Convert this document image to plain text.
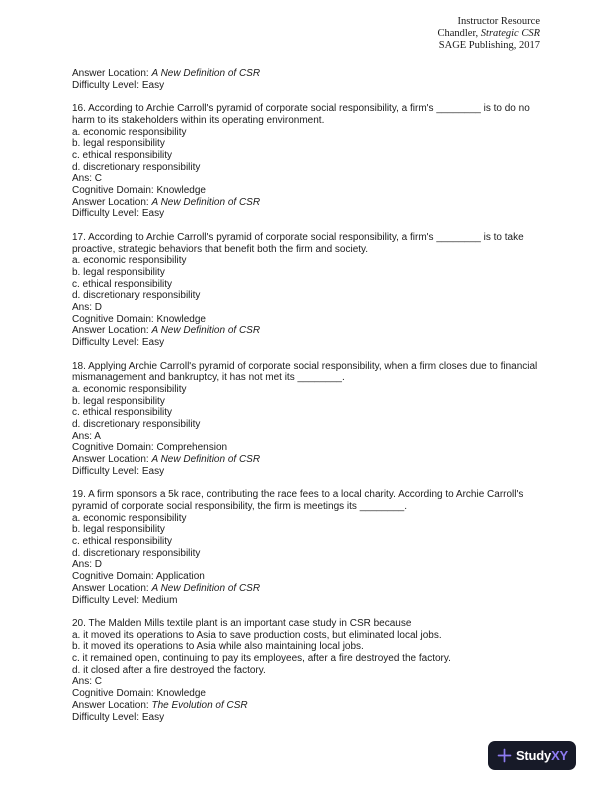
Instructor Resource
Chandler, Strategic CSR
SAGE Publishing, 2017
Answer Location: A New Definition of CSR
Difficulty Level: Easy
16. According to Archie Carroll's pyramid of corporate social responsibility, a firm's ________ is to do no harm to its stakeholders within its operating environment.
a. economic responsibility
b. legal responsibility
c. ethical responsibility
d. discretionary responsibility
Ans: C
Cognitive Domain: Knowledge
Answer Location: A New Definition of CSR
Difficulty Level: Easy
17. According to Archie Carroll's pyramid of corporate social responsibility, a firm's ________ is to take proactive, strategic behaviors that benefit both the firm and society.
a. economic responsibility
b. legal responsibility
c. ethical responsibility
d. discretionary responsibility
Ans: D
Cognitive Domain: Knowledge
Answer Location: A New Definition of CSR
Difficulty Level: Easy
18. Applying Archie Carroll's pyramid of corporate social responsibility, when a firm closes due to financial mismanagement and bankruptcy, it has not met its ________.
a. economic responsibility
b. legal responsibility
c. ethical responsibility
d. discretionary responsibility
Ans: A
Cognitive Domain: Comprehension
Answer Location: A New Definition of CSR
Difficulty Level: Easy
19. A firm sponsors a 5k race, contributing the race fees to a local charity. According to Archie Carroll's pyramid of corporate social responsibility, the firm is meetings its ________.
a. economic responsibility
b. legal responsibility
c. ethical responsibility
d. discretionary responsibility
Ans: D
Cognitive Domain: Application
Answer Location: A New Definition of CSR
Difficulty Level: Medium
20. The Malden Mills textile plant is an important case study in CSR because
a. it moved its operations to Asia to save production costs, but eliminated local jobs.
b. it moved its operations to Asia while also maintaining local jobs.
c. it remained open, continuing to pay its employees, after a fire destroyed the factory.
d. it closed after a fire destroyed the factory.
Ans: C
Cognitive Domain: Knowledge
Answer Location: The Evolution of CSR
Difficulty Level: Easy
StudyXY
